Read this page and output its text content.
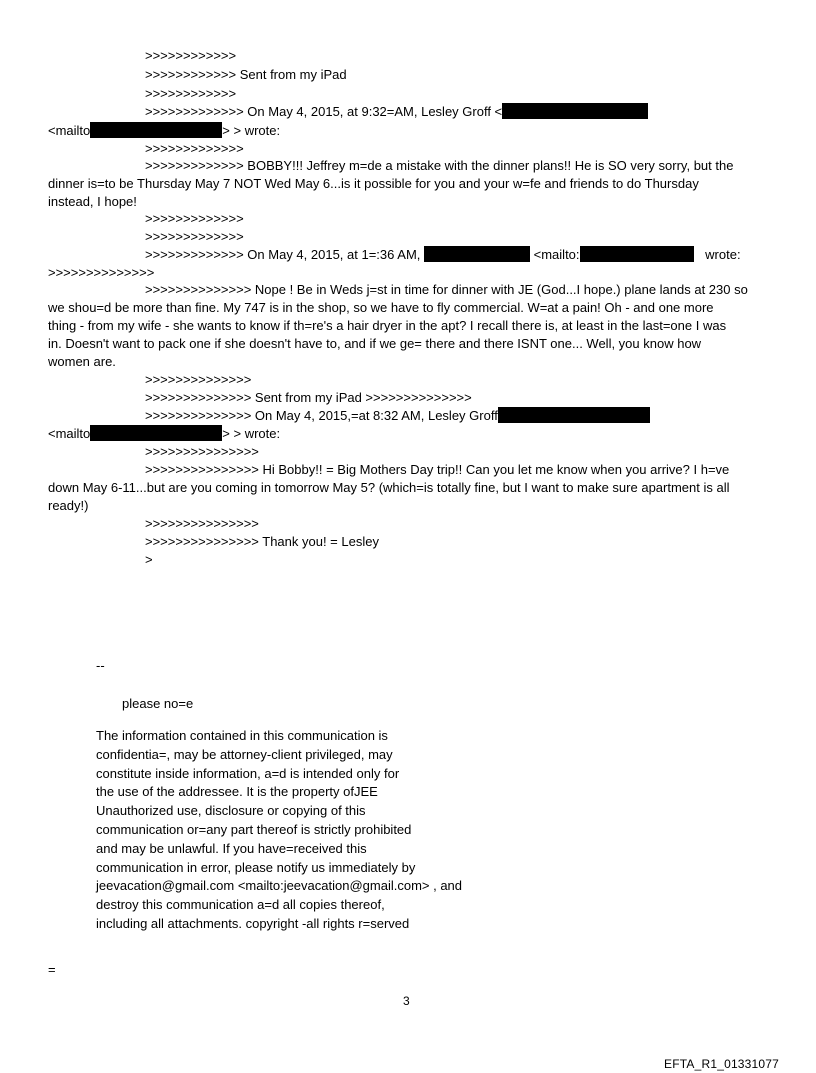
>>>>>>>>>>>>
>>>>>>>>>>>> Sent from my iPad
>>>>>>>>>>>>
>>>>>>>>>>>>> On May 4, 2015, at 9:32=AM, Lesley Groff <
<mailto	> > wrote:
>>>>>>>>>>>>>
>>>>>>>>>>>>> BOBBY!!! Jeffrey m=de a mistake with the dinner plans!! He is SO very sorry, but the
dinner is=to be Thursday May 7 NOT Wed May 6...is it possible for you and your w=fe and friends to do Thursday
instead, I hope!
>>>>>>>>>>>>>
>>>>>>>>>>>>>
>>>>>>>>>>>>> On May 4, 2015, at 1=:36 AM,	<mailto:	wrote:
>>>>>>>>>>>>>>
>>>>>>>>>>>>>> Nope ! Be in Weds j=st in time for dinner with JE (God...I hope.) plane lands at 230 so
we shou=d be more than fine. My 747 is in the shop, so we have to fly commercial. W=at a pain! Oh - and one more
thing - from my wife - she wants to know if th=re's a hair dryer in the apt? I recall there is, at least in the last=one I was
in. Doesn't want to pack one if she doesn't have to, and if we ge= there and there ISNT one... Well, you know how
women are.
>>>>>>>>>>>>>>
>>>>>>>>>>>>>> Sent from my iPad >>>>>>>>>>>>>>
>>>>>>>>>>>>>> On May 4, 2015,=at 8:32 AM, Lesley Groff
<mailto	> > wrote:
>>>>>>>>>>>>>>>
>>>>>>>>>>>>>>> Hi Bobby!! = Big Mothers Day trip!! Can you let me know when you arrive? I h=ve
down May 6-11...but are you coming in tomorrow May 5? (which=is totally fine, but I want to make sure apartment is all
ready!)
>>>>>>>>>>>>>>>
>>>>>>>>>>>>>>> Thank you! = Lesley
>
--
please no=e
The information contained in this communication is
confidentia=, may be attorney-client privileged, may
constitute inside information, a=d is intended only for
the use of the addressee. It is the property ofJEE
Unauthorized use, disclosure or copying of this
communication or=any part thereof is strictly prohibited
and may be unlawful. If you have=received this
communication in error, please notify us immediately by
jeevacation@gmail.com <mailto:jeevacation@gmail.com> , and
destroy this communication a=d all copies thereof,
including all attachments. copyright -all rights r=served
=
3
EFTA_R1_01331077
